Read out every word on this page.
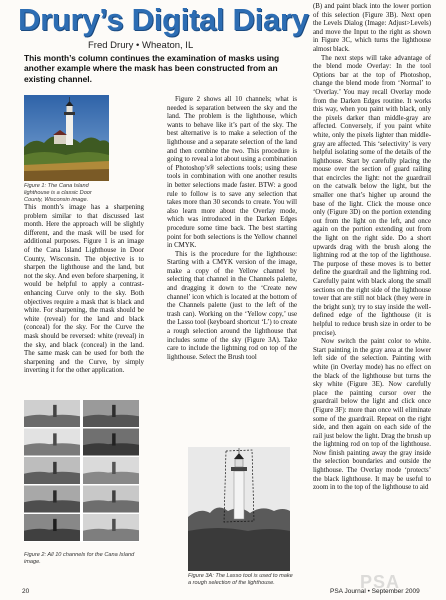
Drury’s Digital Diary
Fred Drury • Wheaton, IL
This month’s column continues the examination of masks using another example where the mask has been constructed from an existing channel.
Figure 1: The Cana Island lighthouse is a classic Door County, Wisconsin image.

This month’s image has a sharpening problem similar to that discussed last month. Here the approach will be slightly different, and the mask will be used for additional purposes. Figure 1 is an image of the Cana Island Lighthouse in Door County, Wisconsin. The objective is to sharpen the lighthouse and the land, but not the sky. And even before sharpening, it would be helpful to apply a contrast-enhancing Curve only to the sky. Both objectives require a mask that is black and white. For sharpening, the mask should be white (reveal) for the land and black (conceal) for the sky. For the Curve the mask should be reversed: white (reveal) in the sky, and black (conceal) in the land. The same mask can be used for both the sharpening and the Curve, by simply inverting it for the other application.

Figure 2: All 10 channels for the Cana Island image.

Figure 2 shows all 10 channels; what is needed is separation between the sky and the land. The problem is the lighthouse, which wants to behave like it’s part of the sky. The best alternative is to make a selection of the lighthouse and a separate selection of the land and then combine the two. This procedure is going to reveal a lot about using a combination of Photoshop’s® selections tools; using these tools in combination with one another results in better selections made faster. BTW: a good rule to follow is to save any selection that takes more than 30 seconds to create. You will also learn more about the Overlay mode, which was introduced in the Darken Edges procedure some time back. The best starting point for both selections is the Yellow channel in CMYK.

This is the procedure for the lighthouse: Starting with a CMYK version of the image, make a copy of the Yellow channel by selecting that channel in the Channels palette, and dragging it down to the ‘Create new channel’ icon which is located at the bottom of the Channels palette (just to the left of the trash can). Working on the ‘Yellow copy,’ use the Lasso tool (keyboard shortcut ‘L’) to create a rough selection around the lighthouse that includes some of the sky (Figure 3A). Take care to include the lightning rod on top of the lighthouse. Select the Brush tool

Figure 3A: The Lasso tool is used to make a rough selection of the lighthouse.

(B) and paint black into the lower portion of this selection (Figure 3B). Next open the Levels Dialog (Image: Adjust>Levels) and move the Input to the right as shown in Figure 3C, which turns the lighthouse almost black.

The next steps will take advantage of the blend mode Overlay: In the tool Options bar at the top of Photoshop, change the blend mode from ‘Normal’ to ‘Overlay.’ You may recall Overlay mode from the Darken Edges routine. It works this way, when you paint with black, only the pixels darker than middle-gray are affected. Conversely, if you paint white white, only the pixels lighter than middle-gray are affected. This ‘selectivity’ is very helpful isolating some of the details of the lighthouse. Start by carefully placing the mouse over the section of guard railing that encircles the light: not the guardrail on the catwalk below the light, but the smaller one that’s higher up around the base of the light. Click the mouse once only (Figure 3D) on the portion extending out from the light on the left, and once again on the portion extending out from the light on the right side. Do a short upwards drag with the brush along the lightning rod at the top of the lighthouse. The purpose of these moves is to better define the guardrail and the lightning rod. Carefully paint with black along the small sections on the right side of the lighthouse tower that are still not black (they were in the bright sun); try to stay inside the well-defined edge of the lighthouse (it is helpful to reduce brush size in order to be precise).

Now switch the paint color to white. Start painting in the gray area at the lower left side of the selection. Painting with white (in Overlay mode) has no effect on the black of the lighthouse but turns the sky white (Figure 3E). Now carefully place the painting cursor over the guardrail below the light and click once (Figure 3F): more than once will eliminate some of the guardrail. Repeat on the right side, and then again on each side of the rail just below the light. Drag the brush up the lightning rod on top of the lighthouse. Now finish painting away the gray inside the selection boundaries and outside the lighthouse. The Overlay mode ‘protects’ the black lighthouse. It may be useful to zoom in to the top of the lighthouse to aid

20	PSA Journal • September 2009
PSA
